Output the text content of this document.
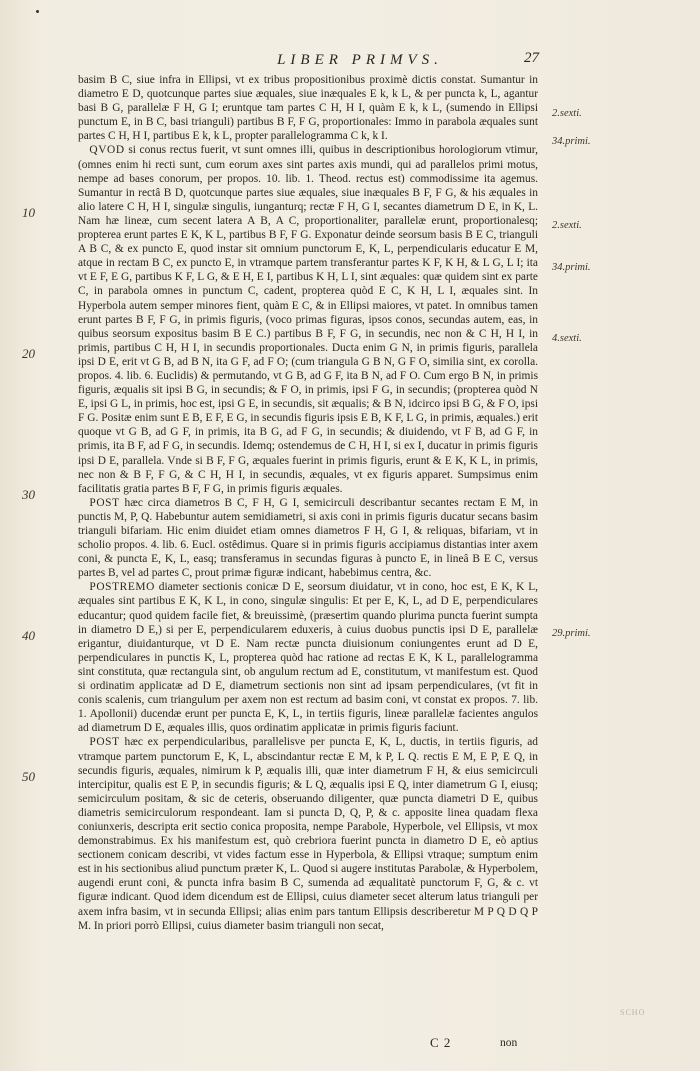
LIBER PRIMVS.	27
10
20
30
40
50
2.sexti.
34.primi.
2.sexti.
34.primi.
4.sexti.
29.primi.

basim B C, siue infra in Ellipsi, vt ex tribus propositionibus proximè dictis constat. Sumantur in diametro E D, quotcunque partes siue æquales, siue inæquales E k, k L, & per puncta k, L, agantur basi B G, parallelæ F H, G I; eruntque tam partes C H, H I, quàm E k, k L, (sumendo in Ellipsi punctum E, in B C, basi trianguli) partibus B F, F G, proportionales: Immo in parabola æquales sunt partes C H, H I, partibus E k, k L, propter parallelogramma C k, k I.

 QVOD si conus rectus fuerit, vt sunt omnes illi, quibus in descriptionibus horologiorum vtimur, (omnes enim hi recti sunt, cum eorum axes sint partes axis mundi, qui ad parallelos primi motus, nempe ad bases conorum, per propos. 10. lib. 1. Theod. rectus est) commodissime ita agemus. Sumantur in rectâ B D, quotcunque partes siue æquales, siue inæquales B F, F G, & his æquales in alio latere C H, H I, singulæ singulis, iunganturq; rectæ F H, G I, secantes diametrum D E, in K, L. Nam hæ lineæ, cum secent latera A B, A C, proportionaliter, parallelæ erunt, proportionalesq; propterea erunt partes E K, K L, partibus B F, F G. Exponatur deinde seorsum basis B E C, trianguli A B C, & ex puncto E, quod instar sit omnium punctorum E, K, L, perpendicularis educatur E M, atque in rectam B C, ex puncto E, in vtramque partem transferantur partes K F, K H, & L G, L I; ita vt E F, E G, partibus K F, L G, & E H, E I, partibus K H, L I, sint æquales: quæ quidem sint ex parte C, in parabola omnes in punctum C, cadent, propterea quòd E C, K H, L I, æquales sint. In Hyperbola autem semper minores fient, quàm E C, & in Ellipsi maiores, vt patet. In omnibus tamen erunt partes B F, F G, in primis figuris, (voco primas figuras, ipsos conos, secundas autem, eas, in quibus seorsum expositus basim B E C.) partibus B F, F G, in secundis, nec non & C H, H I, in primis, partibus C H, H I, in secundis proportionales. Ducta enim G N, in primis figuris, parallela ipsi D E, erit vt G B, ad B N, ita G F, ad F O; (cum triangula G B N, G F O, similia sint, ex corolla. propos. 4. lib. 6. Euclidis) & permutando, vt G B, ad G F, ita B N, ad F O. Cum ergo B N, in primis figuris, æqualis sit ipsi B G, in secundis; & F O, in primis, ipsi F G, in secundis; (propterea quòd N E, ipsi G L, in primis, hoc est, ipsi G E, in secundis, sit æqualis; & B N, idcirco ipsi B G, & F O, ipsi F G. Positæ enim sunt E B, E F, E G, in secundis figuris ipsis E B, K F, L G, in primis, æquales.) erit quoque vt G B, ad G F, in primis, ita B G, ad F G, in secundis; & diuidendo, vt F B, ad G F, in primis, ita B F, ad F G, in secundis. Idemq; ostendemus de C H, H I, si ex I, ducatur in primis figuris ipsi D E, parallela. Vnde si B F, F G, æquales fuerint in primis figuris, erunt & E K, K L, in primis, nec non & B F, F G, & C H, H I, in secundis, æquales, vt ex figuris apparet. Sumpsimus enim facilitatis gratia partes B F, F G, in primis figuris æquales.

 POST hæc circa diametros B C, F H, G I, semicirculi describantur secantes rectam E M, in punctis M, P, Q. Habebuntur autem semidiametri, si axis coni in primis figuris ducatur secans basim trianguli bifariam. Hic enim diuidet etiam omnes diametros F H, G I, & reliquas, bifariam, vt in scholio propos. 4. lib. 6. Eucl. ostêdimus. Quare si in primis figuris accipiamus distantias inter axem coni, & puncta E, K, L, easq; transferamus in secundas figuras à puncto E, in lineâ B E C, versus partes B, vel ad partes C, prout primæ figuræ indicant, habebimus centra, &c.

 POSTREMO diameter sectionis conicæ D E, seorsum diuidatur, vt in cono, hoc est, E K, K L, æquales sint partibus E K, K L, in cono, singulæ singulis: Et per E, K, L, ad D E, perpendiculares educantur; quod quidem facile fiet, & breuissimè, (præsertim quando plurima puncta fuerint sumpta in diametro D E,) si per E, perpendicularem eduxeris, à cuius duobus punctis ipsi D E, parallelæ erigantur, diuidanturque, vt D E. Nam rectæ puncta diuisionum coniungentes erunt ad D E, perpendiculares in punctis K, L, propterea quòd hac ratione ad rectas E K, K L, parallelogramma sint constituta, quæ rectangula sint, ob angulum rectum ad E, constitutum, vt manifestum est. Quod si ordinatim applicatæ ad D E, diametrum sectionis non sint ad ipsam perpendiculares, (vt fit in conis scalenis, cum triangulum per axem non est rectum ad basim coni, vt constat ex propos. 7. lib. 1. Apollonii) ducendæ erunt per puncta E, K, L, in tertiis figuris, lineæ parallelæ facientes angulos ad diametrum D E, æquales illis, quos ordinatim applicatæ in primis figuris faciunt.

 POST hæc ex perpendicularibus, parallelisve per puncta E, K, L, ductis, in tertiis figuris, ad vtramque partem punctorum E, K, L, abscindantur rectæ E M, k P, L Q. rectis E M, E P, E Q, in secundis figuris, æquales, nimirum k P, æqualis illi, quæ inter diametrum F H, & eius semicirculi intercipitur, qualis est E P, in secundis figuris; & L Q, æqualis ipsi E Q, inter diametrum G I, eiusq; semicirculum positam, & sic de ceteris, obseruando diligenter, quæ puncta diametri D E, quibus diametris semicirculorum respondeant. Iam si puncta D, Q, P, & c. apposite linea quadam flexa coniunxeris, descripta erit sectio conica proposita, nempe Parabole, Hyperbole, vel Ellipsis, vt mox demonstrabimus. Ex his manifestum est, quò crebriora fuerint puncta in diametro D E, eò aptius sectionem conicam describi, vt vides factum esse in Hyperbola, & Ellipsi vtraque; sumptum enim est in his sectionibus aliud punctum præter K, L. Quod si augere institutas Parabolæ, & Hyperbolem, augendi erunt coni, & puncta infra basim B C, sumenda ad æqualitatè punctorum F, G, & c. vt figuræ indicant. Quod idem dicendum est de Ellipsi, cuius diameter secet alterum latus trianguli per axem infra basim, vt in secunda Ellipsi; alias enim pars tantum Ellipsis describeretur M P Q D Q P M. In priori porrò Ellipsi, cuius diameter basim trianguli non secat,

SCHO
C 2	non
